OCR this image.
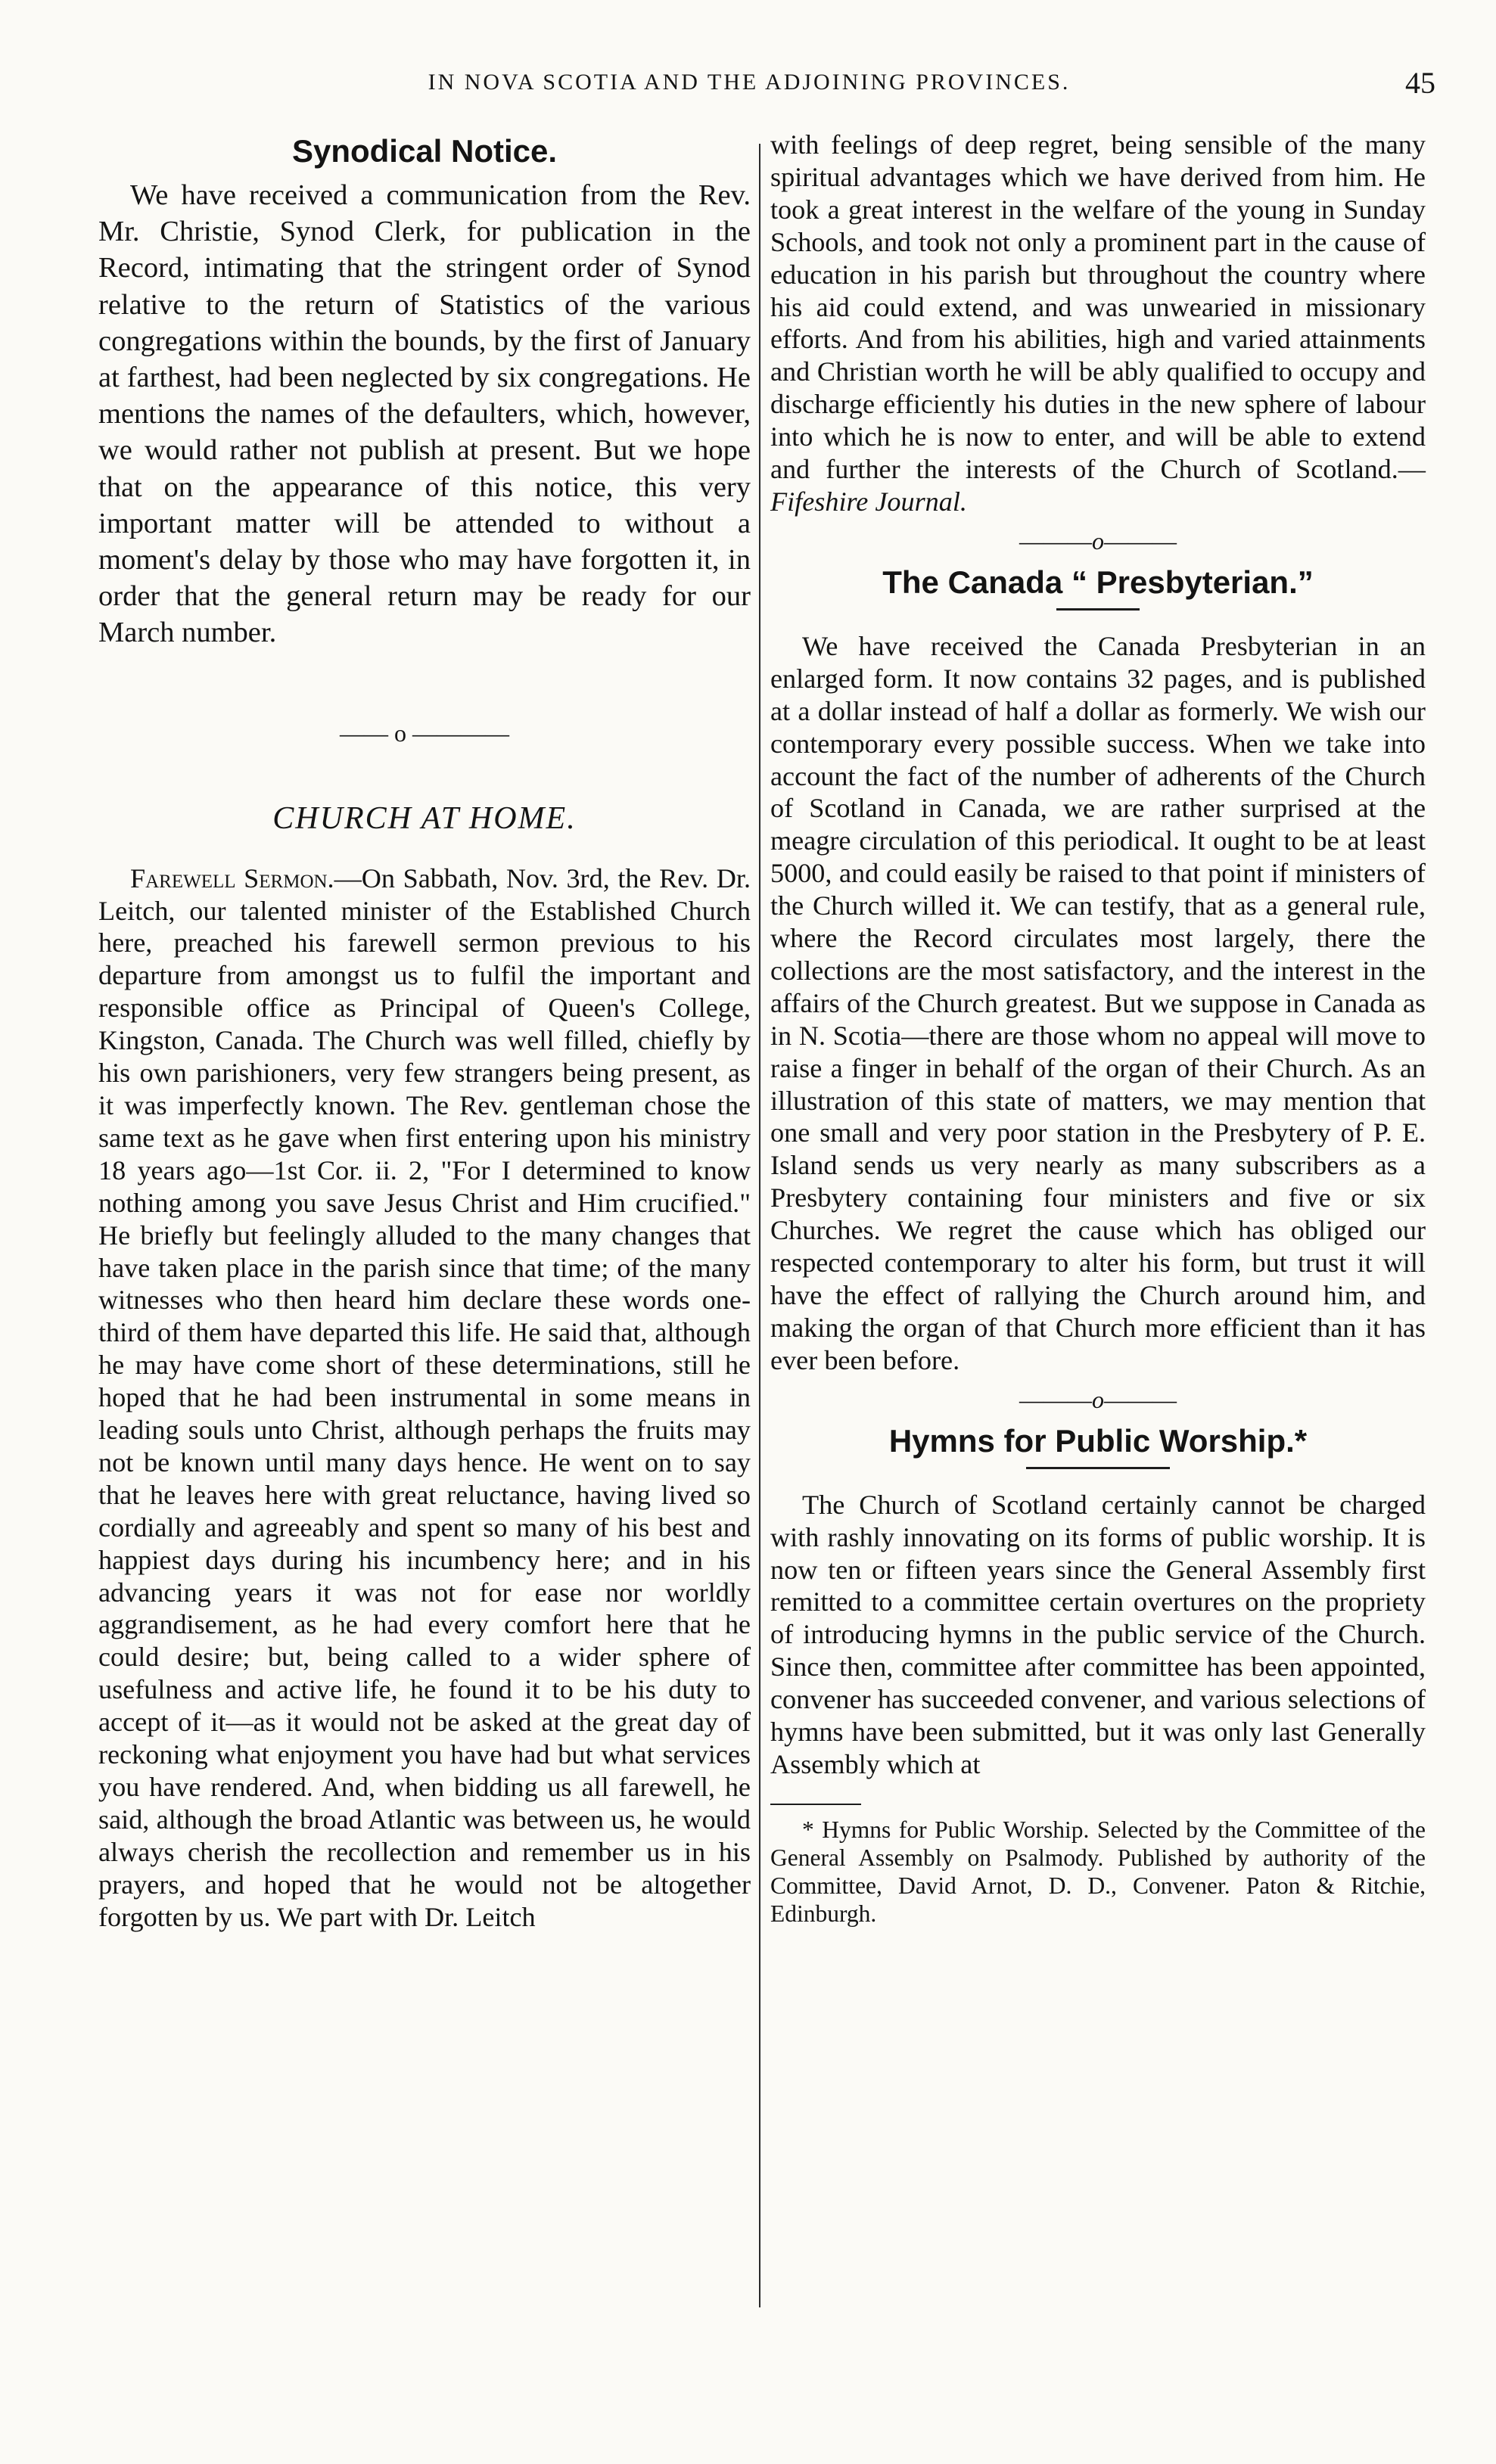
IN NOVA SCOTIA AND THE ADJOINING PROVINCES.	45
Synodical Notice.

We have received a communication from the Rev. Mr. Christie, Synod Clerk, for publication in the Record, intimating that the stringent order of Synod relative to the return of Statistics of the various congregations within the bounds, by the first of January at farthest, had been neglected by six congregations. He mentions the names of the defaulters, which, however, we would rather not publish at present. But we hope that on the appearance of this notice, this very important matter will be attended to without a moment's delay by those who may have forgotten it, in order that the general return may be ready for our March number.

—— o ————
CHURCH AT HOME.

Farewell Sermon.—On Sabbath, Nov. 3rd, the Rev. Dr. Leitch, our talented minister of the Established Church here, preached his farewell sermon previous to his departure from amongst us to fulfil the important and responsible office as Principal of Queen's College, Kingston, Canada. The Church was well filled, chiefly by his own parishioners, very few strangers being present, as it was imperfectly known. The Rev. gentleman chose the same text as he gave when first entering upon his ministry 18 years ago—1st Cor. ii. 2, "For I determined to know nothing among you save Jesus Christ and Him crucified." He briefly but feelingly alluded to the many changes that have taken place in the parish since that time; of the many witnesses who then heard him declare these words one-third of them have departed this life. He said that, although he may have come short of these determinations, still he hoped that he had been instrumental in some means in leading souls unto Christ, although perhaps the fruits may not be known until many days hence. He went on to say that he leaves here with great reluctance, having lived so cordially and agreeably and spent so many of his best and happiest days during his incumbency here; and in his advancing years it was not for ease nor worldly aggrandisement, as he had every comfort here that he could desire; but, being called to a wider sphere of usefulness and active life, he found it to be his duty to accept of it—as it would not be asked at the great day of reckoning what enjoyment you have had but what services you have rendered. And, when bidding us all farewell, he said, although the broad Atlantic was between us, he would always cherish the recollection and remember us in his prayers, and hoped that he would not be altogether forgotten by us. We part with Dr. Leitch

with feelings of deep regret, being sensible of the many spiritual advantages which we have derived from him. He took a great interest in the welfare of the young in Sunday Schools, and took not only a prominent part in the cause of education in his parish but throughout the country where his aid could extend, and was unwearied in missionary efforts. And from his abilities, high and varied attainments and Christian worth he will be ably qualified to occupy and discharge efficiently his duties in the new sphere of labour into which he is now to enter, and will be able to extend and further the interests of the Church of Scotland.—Fifeshire Journal.

———o———
The Canada “ Presbyterian.”

We have received the Canada Presbyterian in an enlarged form. It now contains 32 pages, and is published at a dollar instead of half a dollar as formerly. We wish our contemporary every possible success. When we take into account the fact of the number of adherents of the Church of Scotland in Canada, we are rather surprised at the meagre circulation of this periodical. It ought to be at least 5000, and could easily be raised to that point if ministers of the Church willed it. We can testify, that as a general rule, where the Record circulates most largely, there the collections are the most satisfactory, and the interest in the affairs of the Church greatest. But we suppose in Canada as in N. Scotia—there are those whom no appeal will move to raise a finger in behalf of the organ of their Church. As an illustration of this state of matters, we may mention that one small and very poor station in the Presbytery of P. E. Island sends us very nearly as many subscribers as a Presbytery containing four ministers and five or six Churches. We regret the cause which has obliged our respected contemporary to alter his form, but trust it will have the effect of rallying the Church around him, and making the organ of that Church more efficient than it has ever been before.

———o———
Hymns for Public Worship.*

The Church of Scotland certainly cannot be charged with rashly innovating on its forms of public worship. It is now ten or fifteen years since the General Assembly first remitted to a committee certain overtures on the propriety of introducing hymns in the public service of the Church. Since then, committee after committee has been appointed, convener has succeeded convener, and various selections of hymns have been submitted, but it was only last Generally Assembly which at

* Hymns for Public Worship. Selected by the Committee of the General Assembly on Psalmody. Published by authority of the Committee, David Arnot, D. D., Convener. Paton & Ritchie, Edinburgh.
